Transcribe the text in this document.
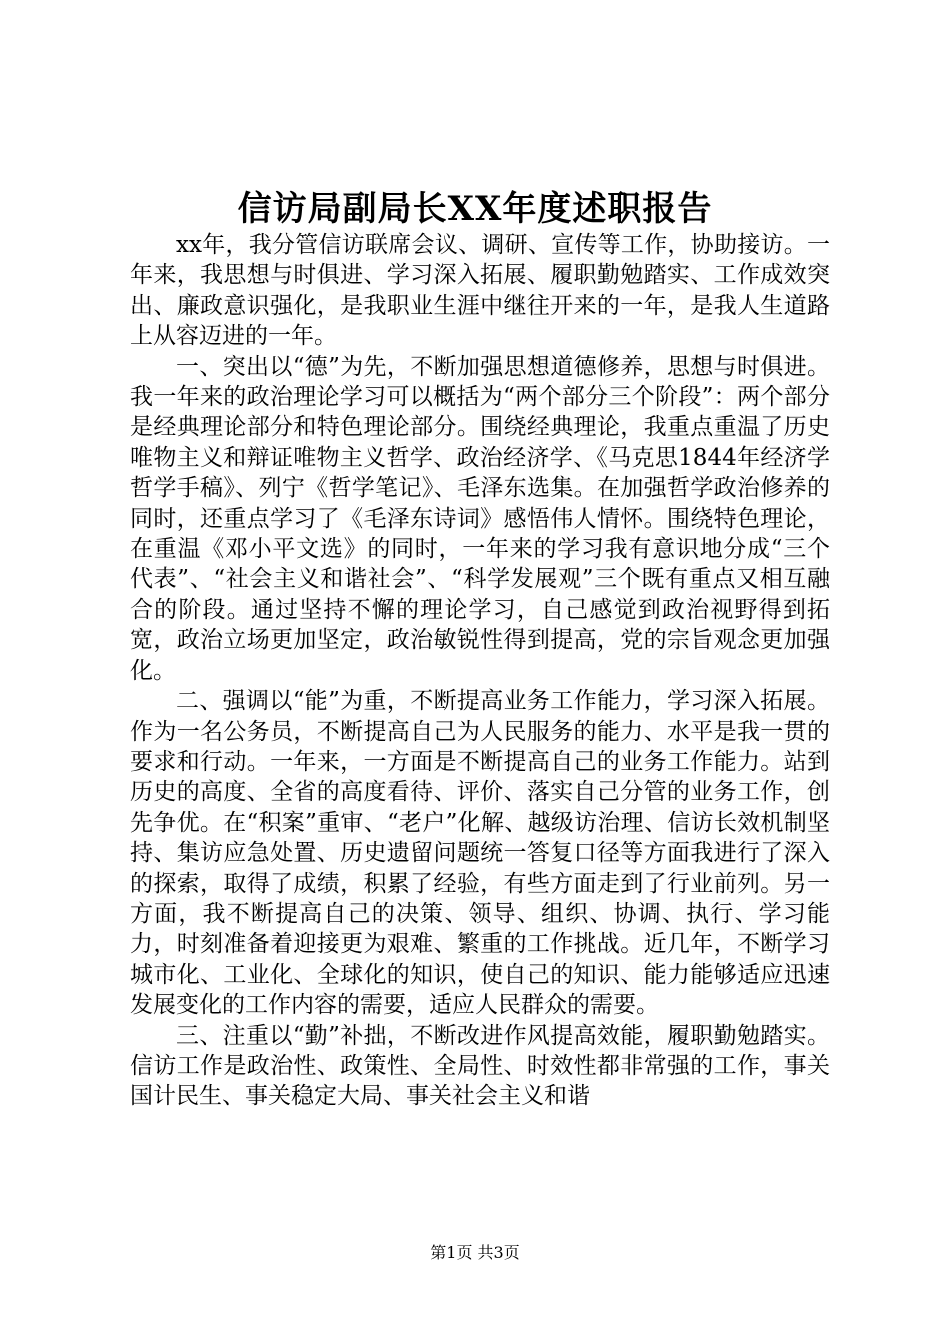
信访局副局长XX年度述职报告

xx年，我分管信访联席会议、调研、宣传等工作，协助接访。一年来，我思想与时俱进、学习深入拓展、履职勤勉踏实、工作成效突出、廉政意识强化，是我职业生涯中继往开来的一年，是我人生道路上从容迈进的一年。

一、突出以“德”为先，不断加强思想道德修养，思想与时俱进。我一年来的政治理论学习可以概括为“两个部分三个阶段”：两个部分是经典理论部分和特色理论部分。围绕经典理论，我重点重温了历史唯物主义和辩证唯物主义哲学、政治经济学、《马克思1844年经济学哲学手稿》、列宁《哲学笔记》、毛泽东选集。在加强哲学政治修养的同时，还重点学习了《毛泽东诗词》感悟伟人情怀。围绕特色理论，在重温《邓小平文选》的同时，一年来的学习我有意识地分成“三个代表”、“社会主义和谐社会”、“科学发展观”三个既有重点又相互融合的阶段。通过坚持不懈的理论学习，自己感觉到政治视野得到拓宽，政治立场更加坚定，政治敏锐性得到提高，党的宗旨观念更加强化。

二、强调以“能”为重，不断提高业务工作能力，学习深入拓展。作为一名公务员，不断提高自己为人民服务的能力、水平是我一贯的要求和行动。一年来，一方面是不断提高自己的业务工作能力。站到历史的高度、全省的高度看待、评价、落实自己分管的业务工作，创先争优。在“积案”重审、“老户”化解、越级访治理、信访长效机制坚持、集访应急处置、历史遗留问题统一答复口径等方面我进行了深入的探索，取得了成绩，积累了经验，有些方面走到了行业前列。另一方面，我不断提高自己的决策、领导、组织、协调、执行、学习能力，时刻准备着迎接更为艰难、繁重的工作挑战。近几年，不断学习城市化、工业化、全球化的知识，使自己的知识、能力能够适应迅速发展变化的工作内容的需要，适应人民群众的需要。

三、注重以“勤”补拙，不断改进作风提高效能，履职勤勉踏实。信访工作是政治性、政策性、全局性、时效性都非常强的工作，事关国计民生、事关稳定大局、事关社会主义和谐

第1页 共3页
